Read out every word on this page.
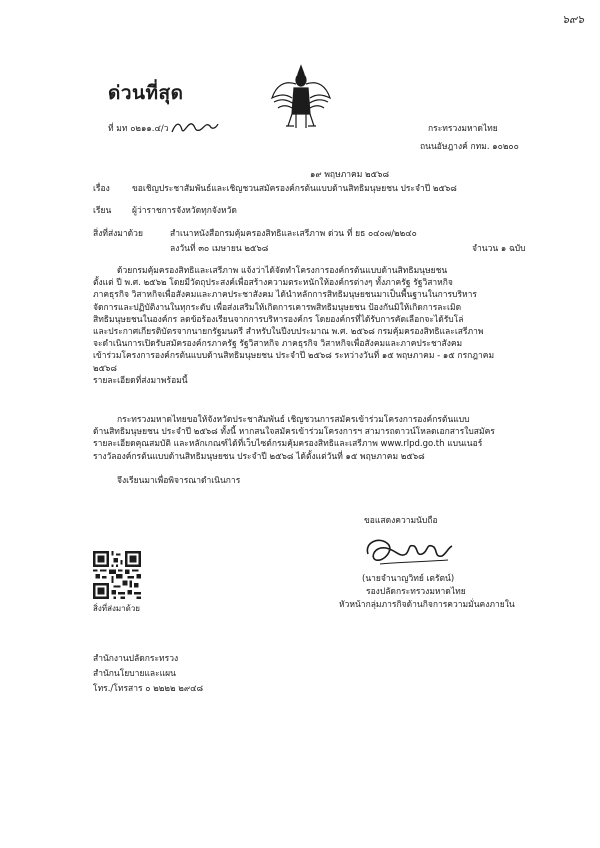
๖๙๖
ด่วนที่สุด
ที่ มท ๐๒๑๑.๔/ว	กระทรวงมหาดไทย
ถนนอัษฎางค์ กทม. ๑๐๒๐๐
๑๙ พฤษภาคม ๒๕๖๘
เรื่อง	ขอเชิญประชาสัมพันธ์และเชิญชวนสมัครองค์กรต้นแบบด้านสิทธิมนุษยชน ประจำปี ๒๕๖๘
เรียน ผู้ว่าราชการจังหวัดทุกจังหวัด
สิ่งที่ส่งมาด้วย	สำเนาหนังสือกรมคุ้มครองสิทธิและเสรีภาพ ด่วน ที่ ยธ ๐๔๐๗/๒๒๔๐
ลงวันที่ ๓๐ เมษายน ๒๕๖๘	จำนวน ๑ ฉบับ
ด้วยกรมคุ้มครองสิทธิและเสรีภาพ แจ้งว่าได้จัดทำโครงการองค์กรต้นแบบด้านสิทธิมนุษยชน
ตั้งแต่ ปี พ.ศ. ๒๕๖๒ โดยมีวัตถุประสงค์เพื่อสร้างความตระหนักให้องค์กรต่างๆ ทั้งภาครัฐ รัฐวิสาหกิจ
ภาคธุรกิจ วิสาหกิจเพื่อสังคมและภาคประชาสังคม ได้นำหลักการสิทธิมนุษยชนมาเป็นพื้นฐานในการบริหาร
จัดการและปฏิบัติงานในทุกระดับ เพื่อส่งเสริมให้เกิดการเคารพสิทธิมนุษยชน ป้องกันมิให้เกิดการละเมิด
สิทธิมนุษยชนในองค์กร ลดข้อร้องเรียนจากการบริหารองค์กร โดยองค์กรที่ได้รับการคัดเลือกจะได้รับโล่
และประกาศเกียรติบัตรจากนายกรัฐมนตรี สำหรับในปีงบประมาณ พ.ศ. ๒๕๖๘ กรมคุ้มครองสิทธิและเสรีภาพ
จะดำเนินการเปิดรับสมัครองค์กรภาครัฐ รัฐวิสาหกิจ ภาคธุรกิจ วิสาหกิจเพื่อสังคมและภาคประชาสังคม
เข้าร่วมโครงการองค์กรต้นแบบด้านสิทธิมนุษยชน ประจำปี ๒๕๖๘ ระหว่างวันที่ ๑๕ พฤษภาคม - ๑๕ กรกฎาคม ๒๕๖๘
รายละเอียดที่ส่งมาพร้อมนี้
กระทรวงมหาดไทยขอให้จังหวัดประชาสัมพันธ์ เชิญชวนการสมัครเข้าร่วมโครงการองค์กรต้นแบบ
ด้านสิทธิมนุษยชน ประจำปี ๒๕๖๘ ทั้งนี้ หากสนใจสมัครเข้าร่วมโครงการฯ สามารถดาวน์โหลดเอกสารใบสมัคร
รายละเอียดคุณสมบัติ และหลักเกณฑ์ได้ที่เว็บไซต์กรมคุ้มครองสิทธิและเสรีภาพ www.rlpd.go.th แบนเนอร์
รางวัลองค์กรต้นแบบด้านสิทธิมนุษยชน ประจำปี ๒๕๖๘ ได้ตั้งแต่วันที่ ๑๕ พฤษภาคม ๒๕๖๘
จึงเรียนมาเพื่อพิจารณาดำเนินการ
ขอแสดงความนับถือ
(นายจำนาญวิทย์ เตรัตน์)
รองปลัดกระทรวงมหาดไทย
หัวหน้ากลุ่มภารกิจด้านกิจการความมั่นคงภายใน
สิ่งที่ส่งมาด้วย
สำนักงานปลัดกระทรวง
สำนักนโยบายและแผน
โทร./โทรสาร ๐ ๒๒๒๒ ๒๙๔๘
